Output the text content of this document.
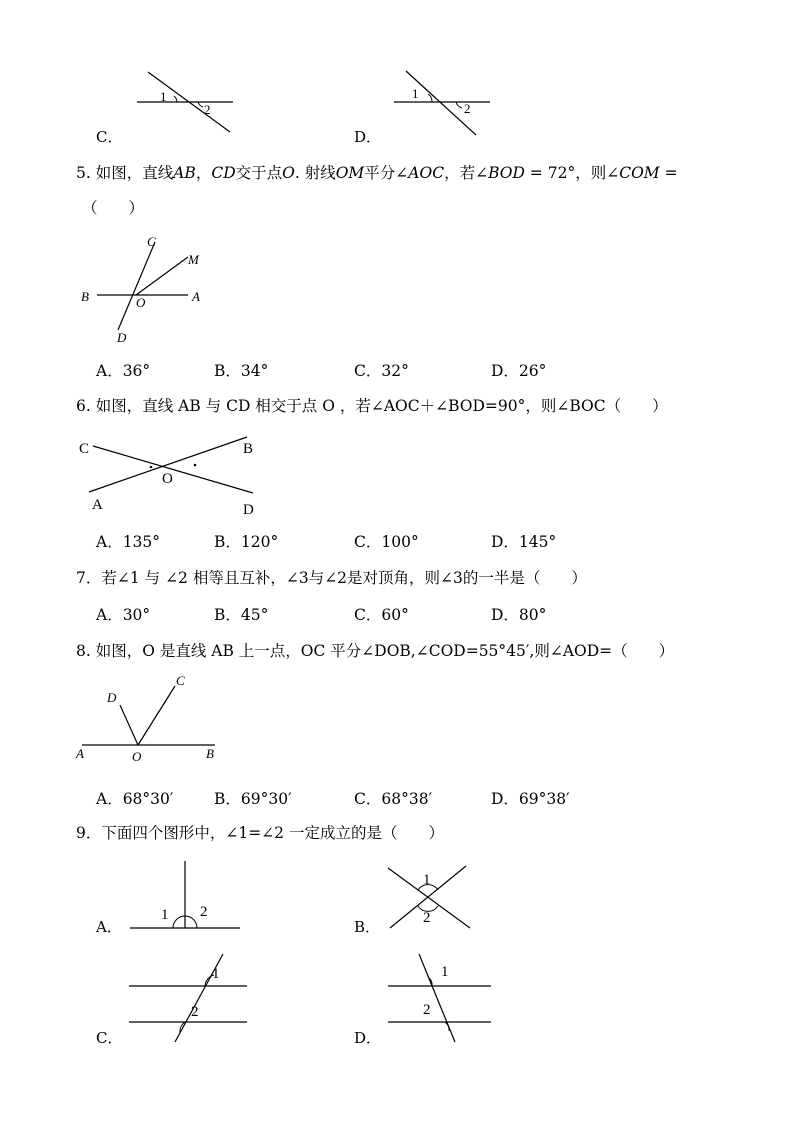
1
2
C．
1
2
D．
5. 如图，直线AB，CD交于点O. 射线OM平分∠AOC，若∠BOD = 72°，则∠COM =
（　　）
C
M
B	O	A
D
A．36°	B．34°	C．32°	D．26°
6. 如图，直线 AB 与 CD 相交于点 O ，若∠AOC＋∠BOD=90°，则∠BOC（　　）
C	B
O
A	D
A．135°	B．120°	C．100°	D．145°
7．若∠1 与 ∠2 相等且互补，∠3与∠2是对顶角，则∠3的一半是（　　）
A．30°	B．45°	C．60°	D．80°
8. 如图，O 是直线 AB 上一点，OC 平分∠DOB,∠COD=55°45′,则∠AOD=（　　）
D
C
A	O	B
A．68°30′	B．69°30′	C．68°38′	D．69°38′
9．下面四个图形中，∠1=∠2 一定成立的是（　　）
1 2
A．
1
2
B．
1
2
C．
1
2
D．
